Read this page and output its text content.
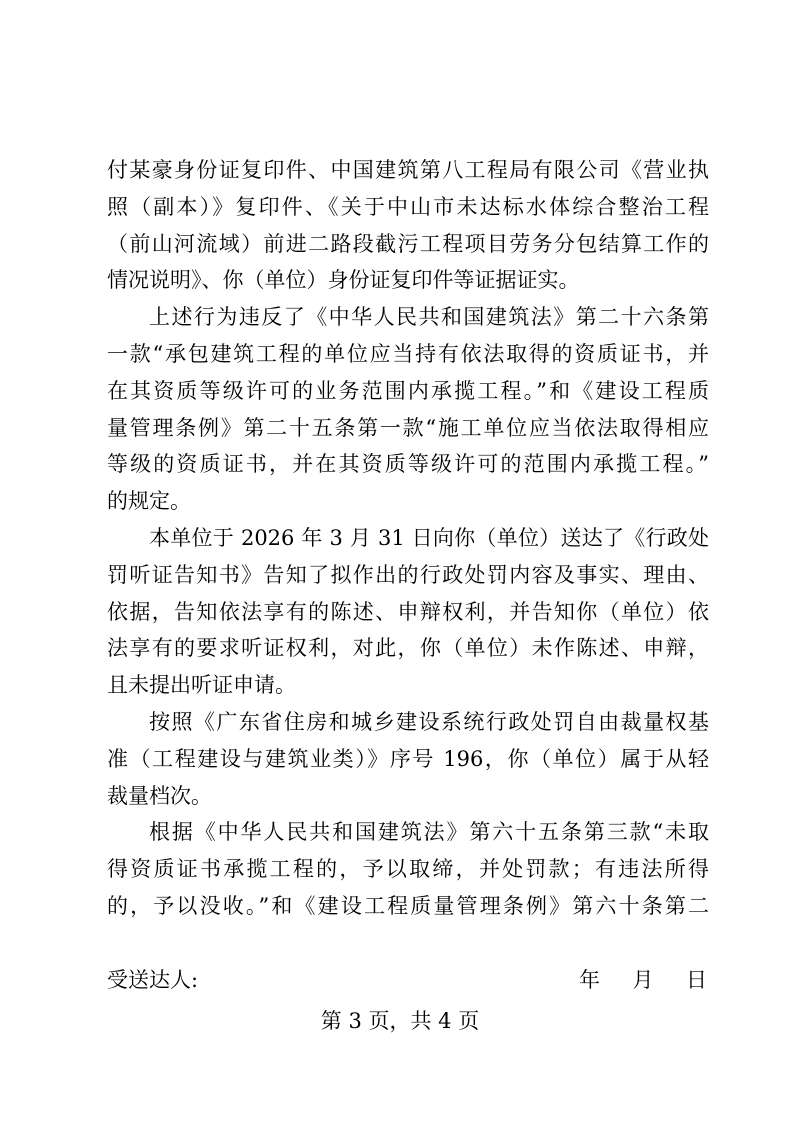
付某豪身份证复印件、中国建筑第八工程局有限公司《营业执
照（副本）》复印件、《关于中山市未达标水体综合整治工程
（前山河流域）前进二路段截污工程项目劳务分包结算工作的
情况说明》、你（单位）身份证复印件等证据证实。
上述行为违反了《中华人民共和国建筑法》第二十六条第
一款“承包建筑工程的单位应当持有依法取得的资质证书，并
在其资质等级许可的业务范围内承揽工程。”和《建设工程质
量管理条例》第二十五条第一款“施工单位应当依法取得相应
等级的资质证书，并在其资质等级许可的范围内承揽工程。”
的规定。
本单位于 2026 年 3 月 31 日向你（单位）送达了《行政处
罚听证告知书》告知了拟作出的行政处罚内容及事实、理由、
依据，告知依法享有的陈述、申辩权利，并告知你（单位）依
法享有的要求听证权利，对此，你（单位）未作陈述、申辩，
且未提出听证申请。
按照《广东省住房和城乡建设系统行政处罚自由裁量权基
准（工程建设与建筑业类）》序号 196，你（单位）属于从轻
裁量档次。
根据《中华人民共和国建筑法》第六十五条第三款“未取
得资质证书承揽工程的，予以取缔，并处罚款；有违法所得
的，予以没收。”和《建设工程质量管理条例》第六十条第二
受送达人:	年 月 日
第 3 页，共 4 页
